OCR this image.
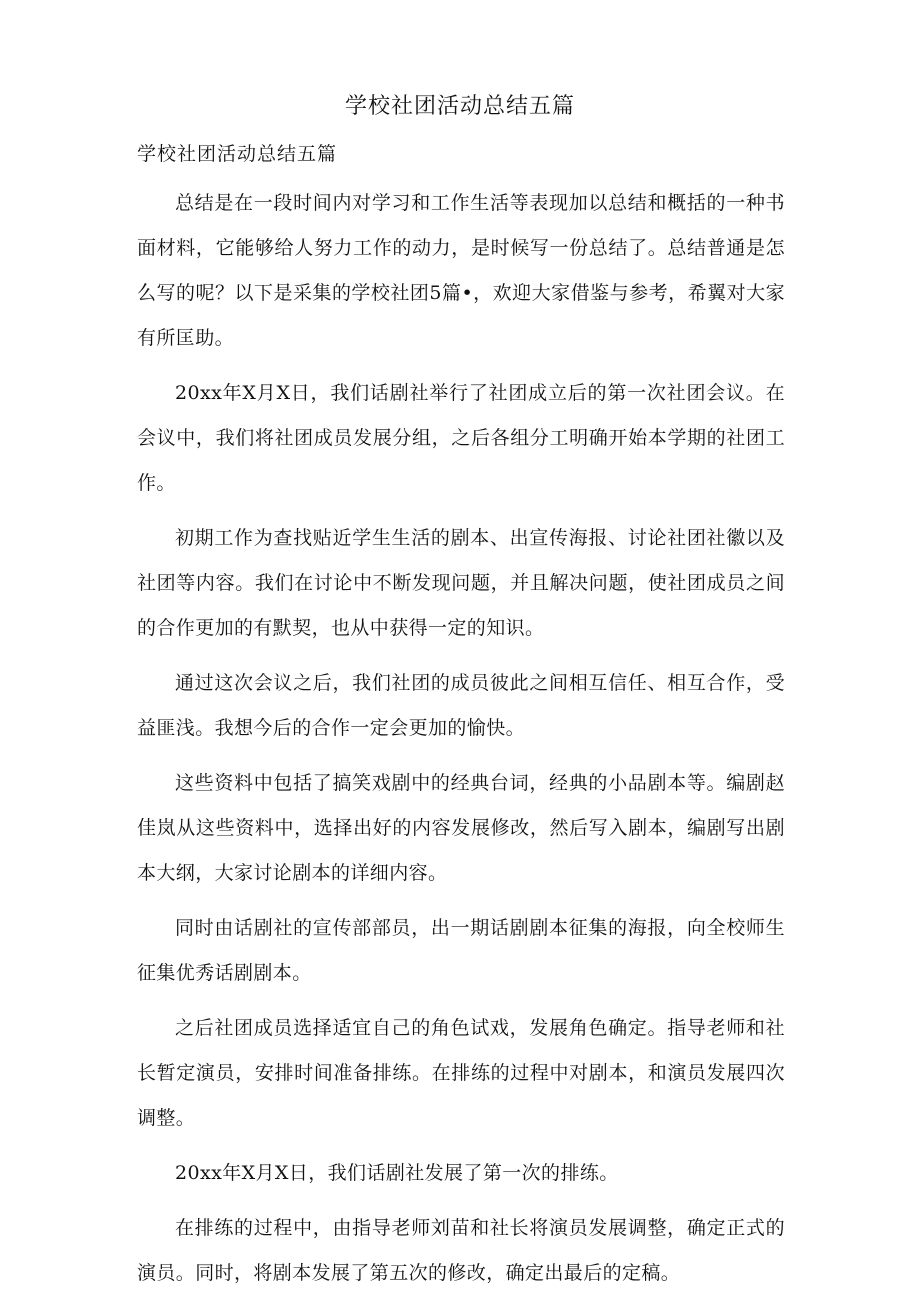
学校社团活动总结五篇
学校社团活动总结五篇

总结是在一段时间内对学习和工作生活等表现加以总结和概括的一种书面材料，它能够给人努力工作的动力，是时候写一份总结了。总结普通是怎么写的呢？以下是采集的学校社团5篇•，欢迎大家借鉴与参考，希翼对大家有所匡助。

20xx年X月X日，我们话剧社举行了社团成立后的第一次社团会议。在会议中，我们将社团成员发展分组，之后各组分工明确开始本学期的社团工作。

初期工作为查找贴近学生生活的剧本、出宣传海报、讨论社团社徽以及社团等内容。我们在讨论中不断发现问题，并且解决问题，使社团成员之间的合作更加的有默契，也从中获得一定的知识。

通过这次会议之后，我们社团的成员彼此之间相互信任、相互合作，受益匪浅。我想今后的合作一定会更加的愉快。

这些资料中包括了搞笑戏剧中的经典台词，经典的小品剧本等。编剧赵佳岚从这些资料中，选择出好的内容发展修改，然后写入剧本，编剧写出剧本大纲，大家讨论剧本的详细内容。

同时由话剧社的宣传部部员，出一期话剧剧本征集的海报，向全校师生征集优秀话剧剧本。

之后社团成员选择适宜自己的角色试戏，发展角色确定。指导老师和社长暂定演员，安排时间准备排练。在排练的过程中对剧本，和演员发展四次调整。

20xx年X月X日，我们话剧社发展了第一次的排练。

在排练的过程中，由指导老师刘苗和社长将演员发展调整，确定正式的演员。同时，将剧本发展了第五次的修改，确定出最后的定稿。
